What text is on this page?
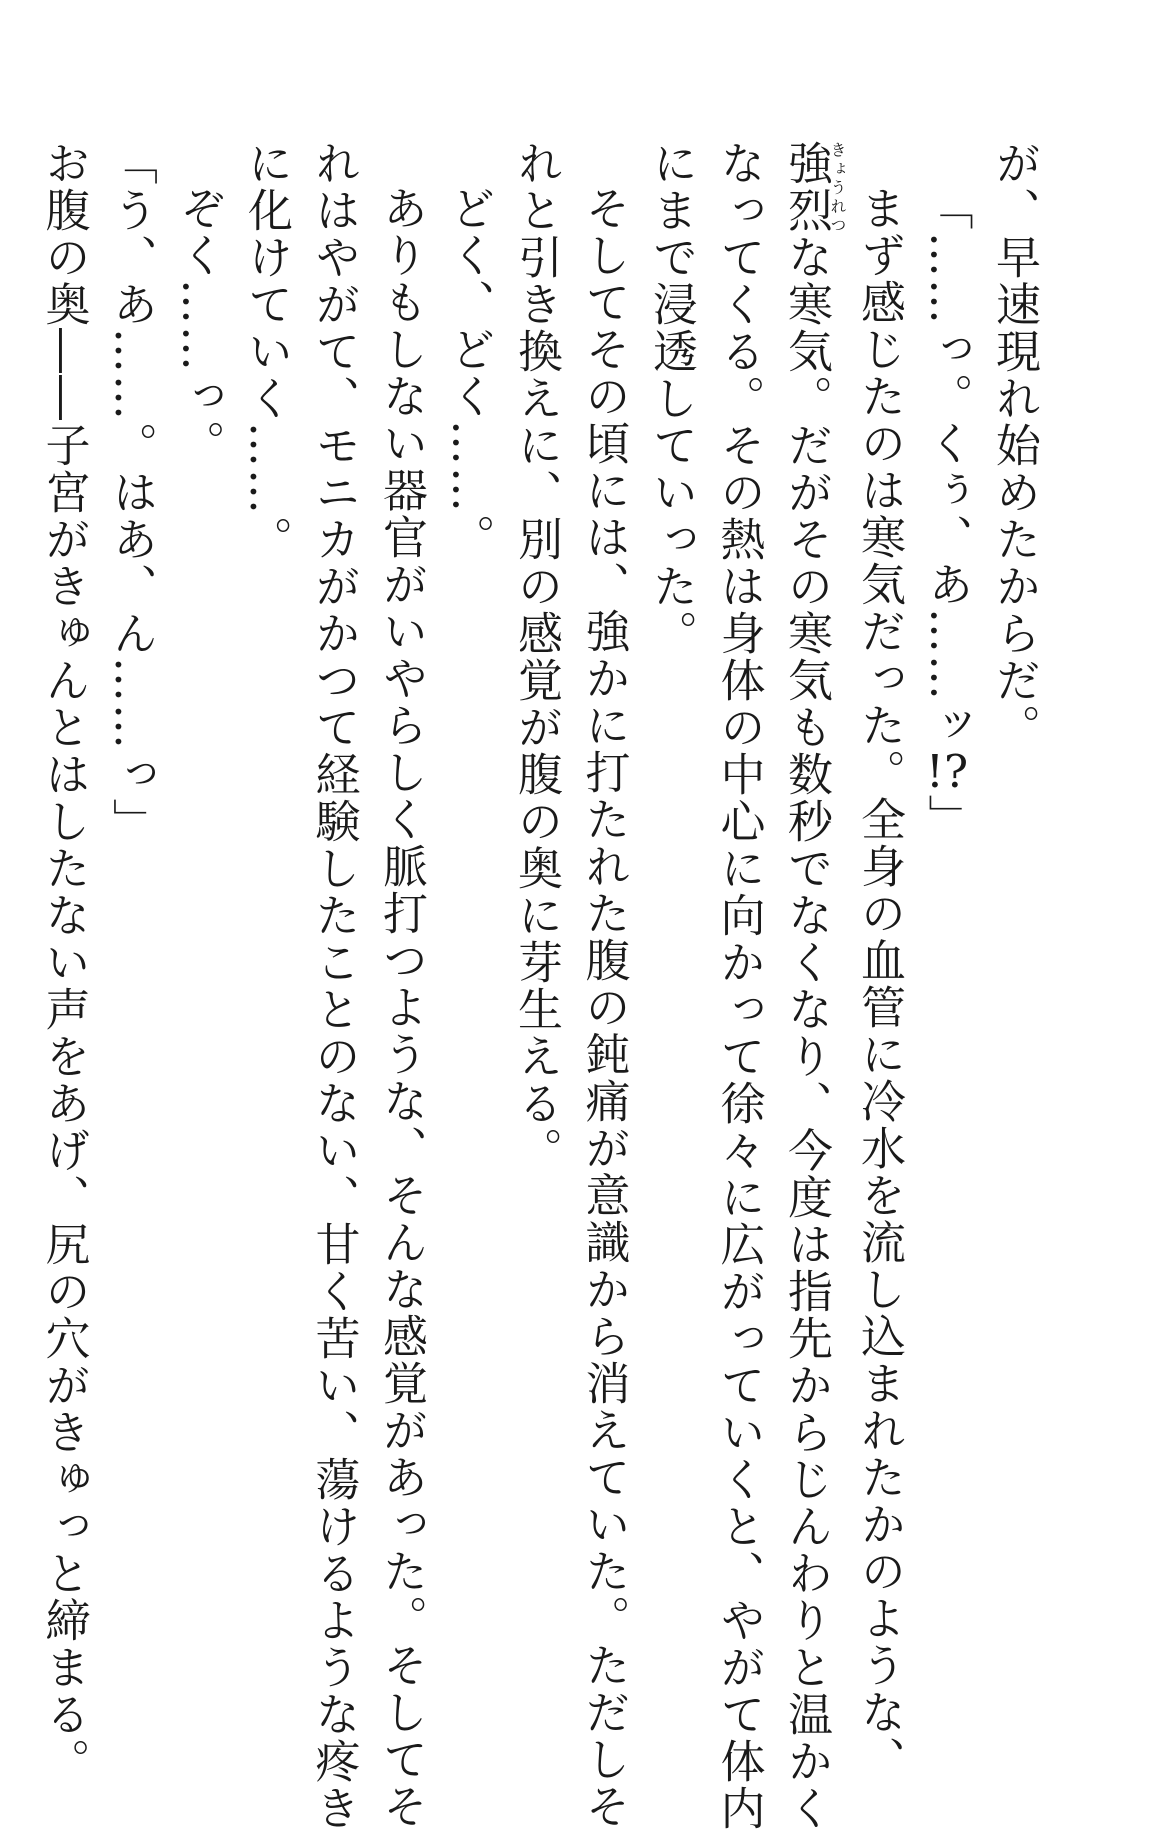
が、早速現れ始めたからだ。

「……っ。くぅ、あ……ッ!?」

まず感じたのは寒気だった。全身の血管に冷水を流し込まれたかのような、

強烈きょうれつな寒気。だがその寒気も数秒でなくなり、今度は指先からじんわりと温かく

なってくる。その熱は身体の中心に向かって徐々に広がっていくと、やがて体内

にまで浸透していった。

そしてその頃には、強かに打たれた腹の鈍痛が意識から消えていた。ただしそ

れと引き換えに、別の感覚が腹の奥に芽生える。

どく、どく……。

ありもしない器官がいやらしく脈打つような、そんな感覚があった。そしてそ

れはやがて、モニカがかつて経験したことのない、甘く苦い、蕩けるような疼き

に化けていく……。

ぞく……っ。

「う、あ……。はあ、ん……っ」

お腹の奥――子宮がきゅんとはしたない声をあげ、尻の穴がきゅっと締まる。
